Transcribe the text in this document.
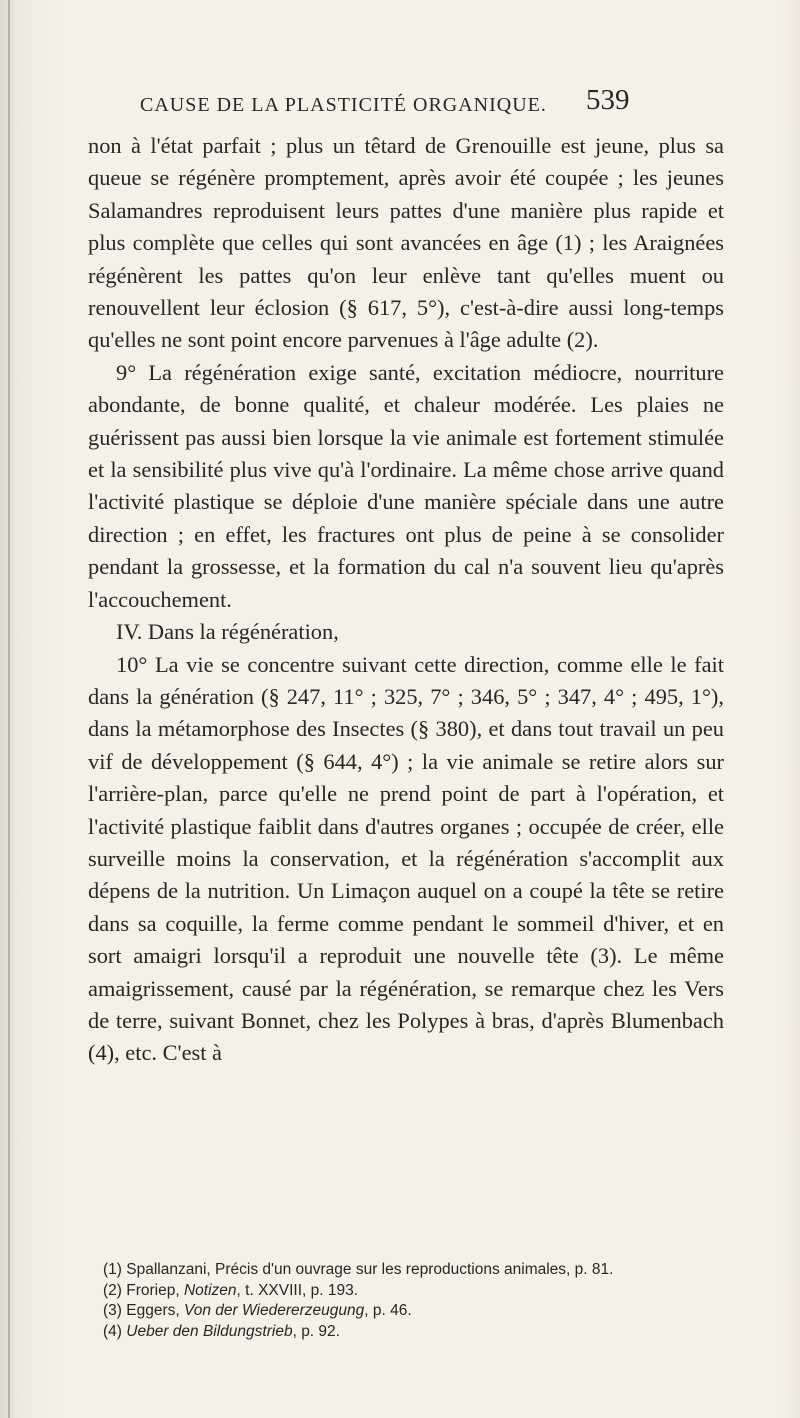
CAUSE DE LA PLASTICITÉ ORGANIQUE. 539

non à l'état parfait ; plus un têtard de Grenouille est jeune, plus sa queue se régénère promptement, après avoir été coupée ; les jeunes Salamandres reproduisent leurs pattes d'une manière plus rapide et plus complète que celles qui sont avancées en âge (1) ; les Araignées régénèrent les pattes qu'on leur enlève tant qu'elles muent ou renouvellent leur éclosion (§ 617, 5°), c'est-à-dire aussi long-temps qu'elles ne sont point encore parvenues à l'âge adulte (2).

9° La régénération exige santé, excitation médiocre, nourriture abondante, de bonne qualité, et chaleur modérée. Les plaies ne guérissent pas aussi bien lorsque la vie animale est fortement stimulée et la sensibilité plus vive qu'à l'ordinaire. La même chose arrive quand l'activité plastique se déploie d'une manière spéciale dans une autre direction ; en effet, les fractures ont plus de peine à se consolider pendant la grossesse, et la formation du cal n'a souvent lieu qu'après l'accouchement.

IV. Dans la régénération,

10° La vie se concentre suivant cette direction, comme elle le fait dans la génération (§ 247, 11° ; 325, 7° ; 346, 5° ; 347, 4° ; 495, 1°), dans la métamorphose des Insectes (§ 380), et dans tout travail un peu vif de développement (§ 644, 4°) ; la vie animale se retire alors sur l'arrière-plan, parce qu'elle ne prend point de part à l'opération, et l'activité plastique faiblit dans d'autres organes ; occupée de créer, elle surveille moins la conservation, et la régénération s'accomplit aux dépens de la nutrition. Un Limaçon auquel on a coupé la tête se retire dans sa coquille, la ferme comme pendant le sommeil d'hiver, et en sort amaigri lorsqu'il a reproduit une nouvelle tête (3). Le même amaigrissement, causé par la régénération, se remarque chez les Vers de terre, suivant Bonnet, chez les Polypes à bras, d'après Blumenbach (4), etc. C'est à

(1) Spallanzani, Précis d'un ouvrage sur les reproductions animales, p. 81.

(2) Froriep, Notizen, t. XXVIII, p. 193.

(3) Eggers, Von der Wiedererzeugung, p. 46.

(4) Ueber den Bildungstrieb, p. 92.
